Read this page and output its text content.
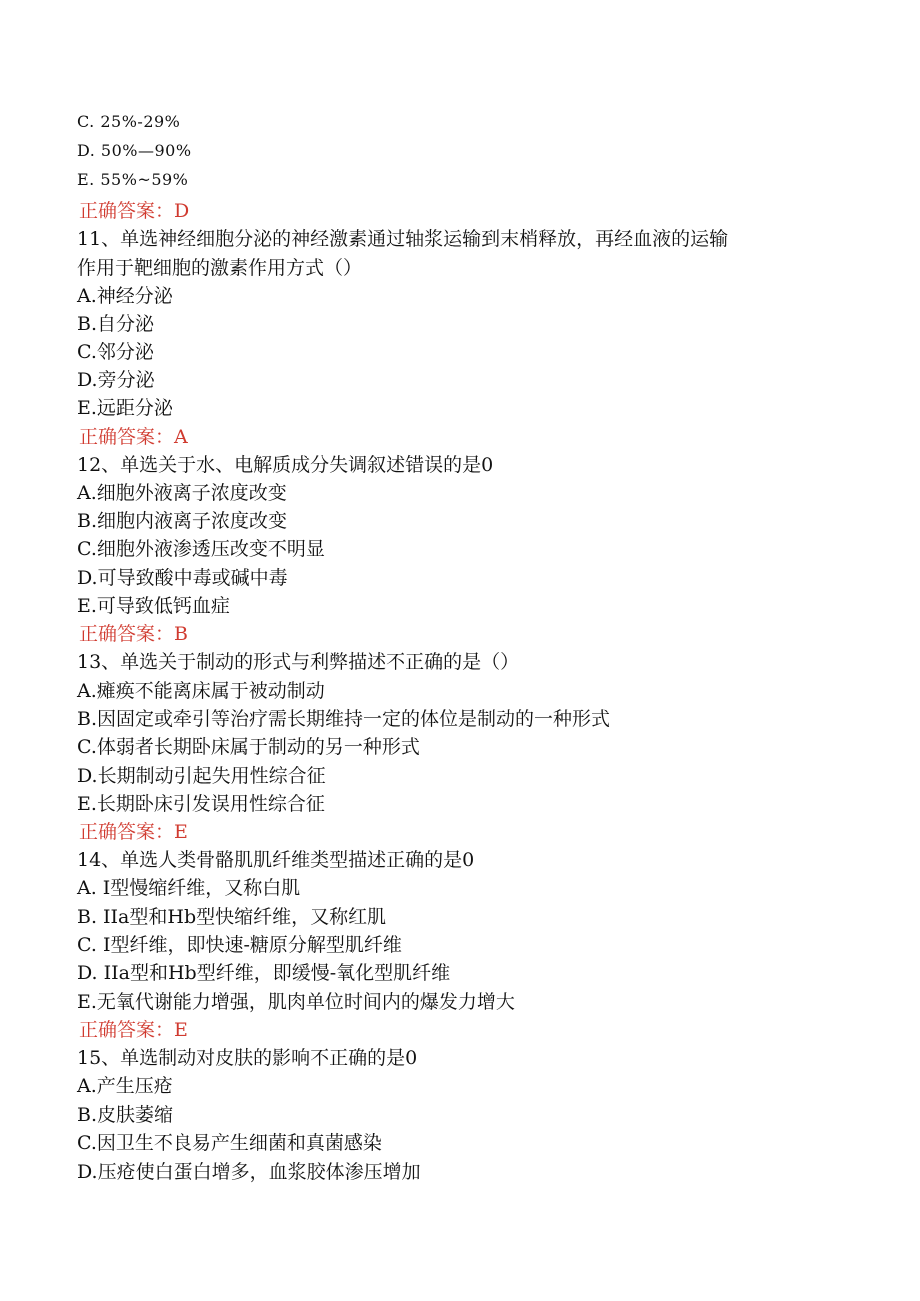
C. 25%-29%
D. 50%—90%
E. 55%~59%
正确答案：D
11、单选神经细胞分泌的神经激素通过轴浆运输到末梢释放，再经血液的运输
作用于靶细胞的激素作用方式（）
A.神经分泌
B.自分泌
C.邻分泌
D.旁分泌
E.远距分泌
正确答案：A
12、单选关于水、电解质成分失调叙述错误的是0
A.细胞外液离子浓度改变
B.细胞内液离子浓度改变
C.细胞外液渗透压改变不明显
D.可导致酸中毒或碱中毒
E.可导致低钙血症
正确答案：B
13、单选关于制动的形式与利弊描述不正确的是（）
A.瘫痪不能离床属于被动制动
B.因固定或牵引等治疗需长期维持一定的体位是制动的一种形式
C.体弱者长期卧床属于制动的另一种形式
D.长期制动引起失用性综合征
E.长期卧床引发误用性综合征
正确答案：E
14、单选人类骨骼肌肌纤维类型描述正确的是0
A. I型慢缩纤维，又称白肌
B. IIa型和Hb型快缩纤维，又称红肌
C. I型纤维，即快速-糖原分解型肌纤维
D. IIa型和Hb型纤维，即缓慢-氧化型肌纤维
E.无氧代谢能力增强，肌肉单位时间内的爆发力增大
正确答案：E
15、单选制动对皮肤的影响不正确的是0
A.产生压疮
B.皮肤萎缩
C.因卫生不良易产生细菌和真菌感染
D.压疮使白蛋白增多，血浆胶体渗压增加
